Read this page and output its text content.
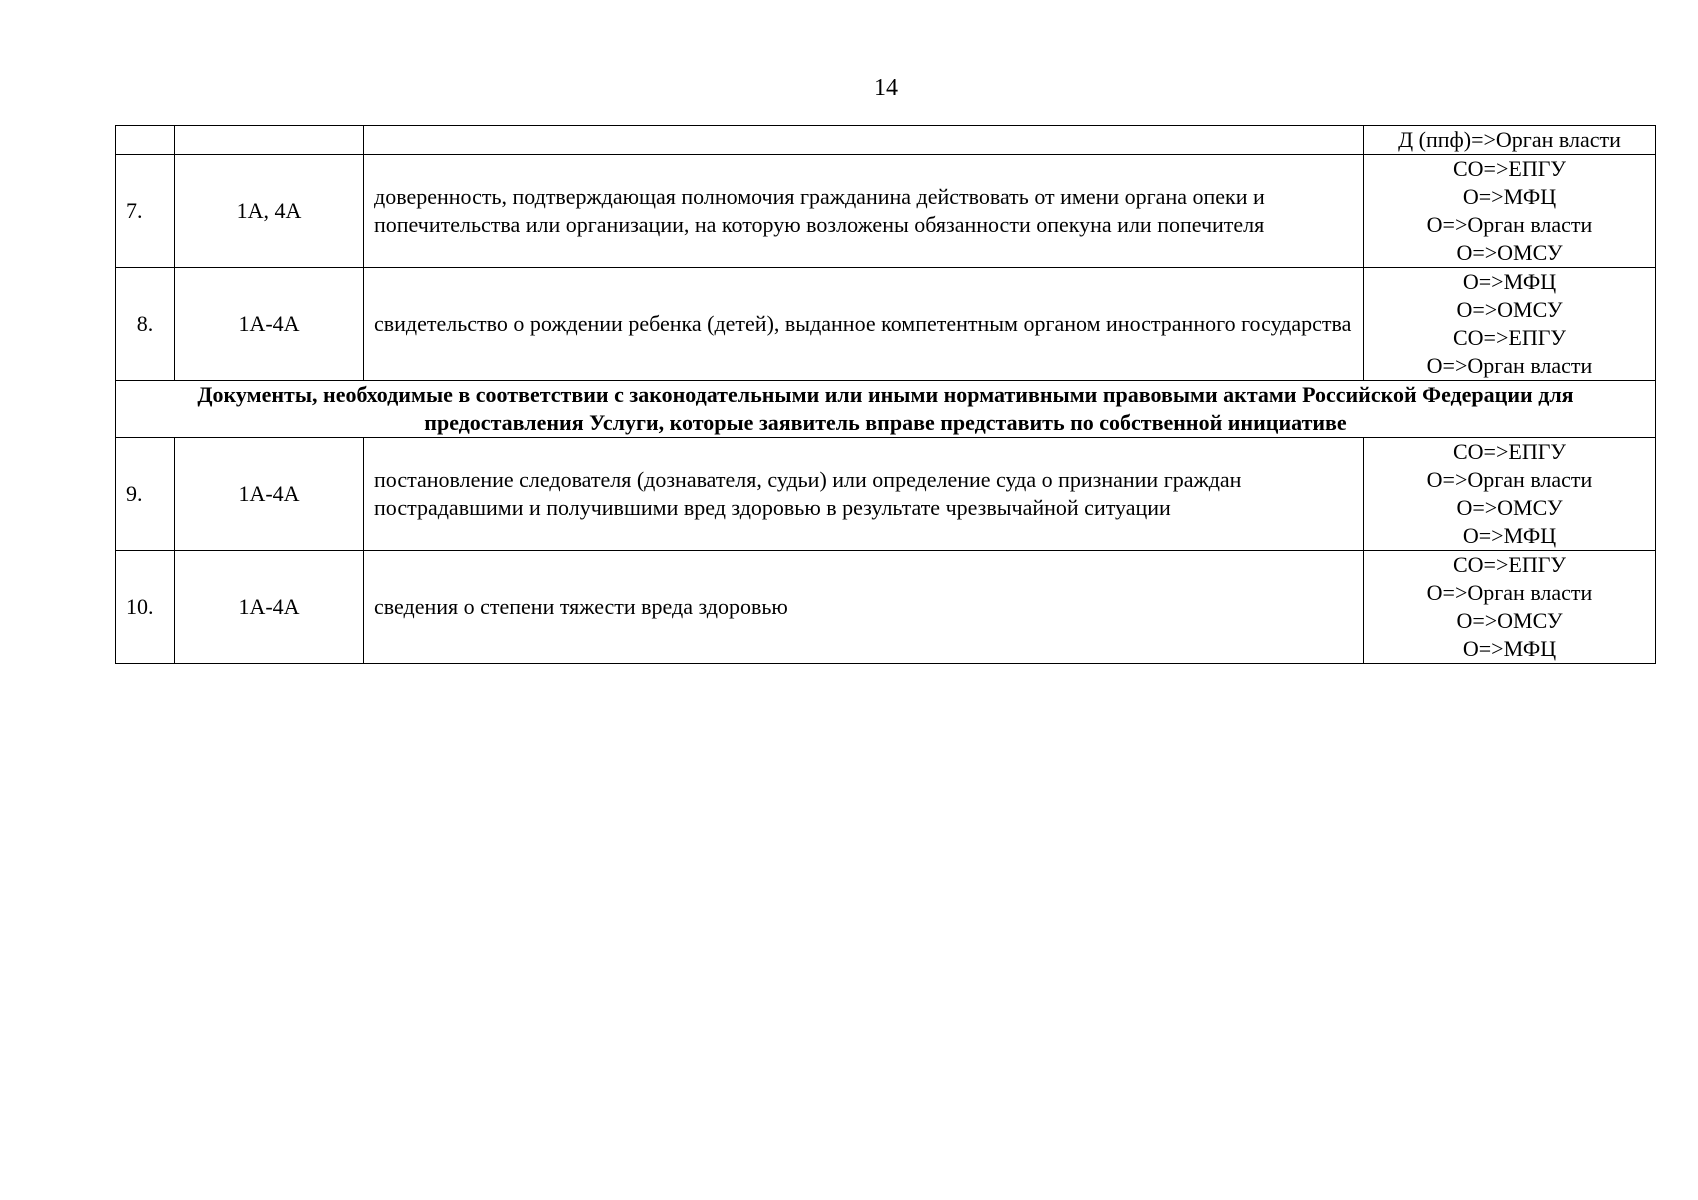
14

			Д (ппф)=>Орган власти

7.	1А, 4А	доверенность, подтверждающая полномочия гражданина действовать от имени органа опеки и попечительства или организации, на которую возложены обязанности опекуна или попечителя	СО=>ЕПГУ
О=>МФЦ
О=>Орган власти
О=>ОМСУ

8.	1А-4А	свидетельство о рождении ребенка (детей), выданное компетентным органом иностранного государства	О=>МФЦ
О=>ОМСУ
СО=>ЕПГУ
О=>Орган власти

Документы, необходимые в соответствии с законодательными или иными нормативными правовыми актами Российской Федерации для предоставления Услуги, которые заявитель вправе представить по собственной инициативе			
9.	1А-4А	постановление следователя (дознавателя, судьи) или определение суда о признании граждан пострадавшими и получившими вред здоровью в результате чрезвычайной ситуации	СО=>ЕПГУ
О=>Орган власти
О=>ОМСУ
О=>МФЦ

10.	1А-4А	сведения о степени тяжести вреда здоровью	СО=>ЕПГУ
О=>Орган власти
О=>ОМСУ
О=>МФЦ
